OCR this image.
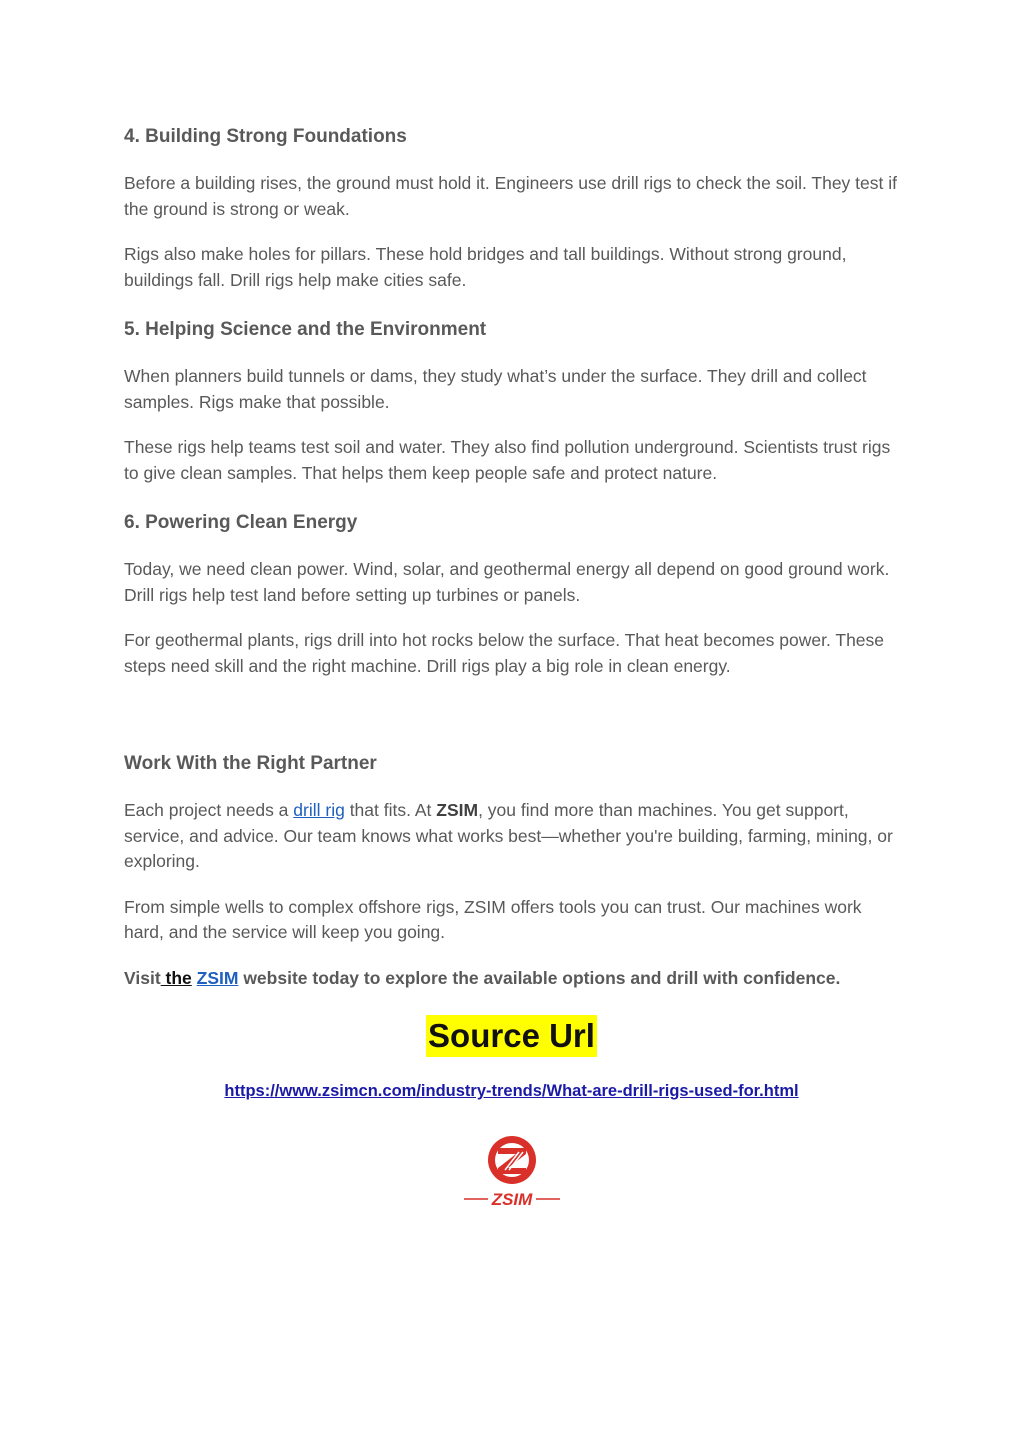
4. Building Strong Foundations

Before a building rises, the ground must hold it. Engineers use drill rigs to check the soil. They test if the ground is strong or weak.

Rigs also make holes for pillars. These hold bridges and tall buildings. Without strong ground, buildings fall. Drill rigs help make cities safe.

5. Helping Science and the Environment

When planners build tunnels or dams, they study what’s under the surface. They drill and collect samples. Rigs make that possible.

These rigs help teams test soil and water. They also find pollution underground. Scientists trust rigs to give clean samples. That helps them keep people safe and protect nature.

6. Powering Clean Energy

Today, we need clean power. Wind, solar, and geothermal energy all depend on good ground work. Drill rigs help test land before setting up turbines or panels.

For geothermal plants, rigs drill into hot rocks below the surface. That heat becomes power. These steps need skill and the right machine. Drill rigs play a big role in clean energy.

Work With the Right Partner

Each project needs a drill rig that fits. At ZSIM, you find more than machines. You get support, service, and advice. Our team knows what works best—whether you're building, farming, mining, or exploring.

From simple wells to complex offshore rigs, ZSIM offers tools you can trust. Our machines work hard, and the service will keep you going.

Visit the ZSIM website today to explore the available options and drill with confidence.

Source Url
https://www.zsimcn.com/industry-trends/What-are-drill-rigs-used-for.html
ZSIM
